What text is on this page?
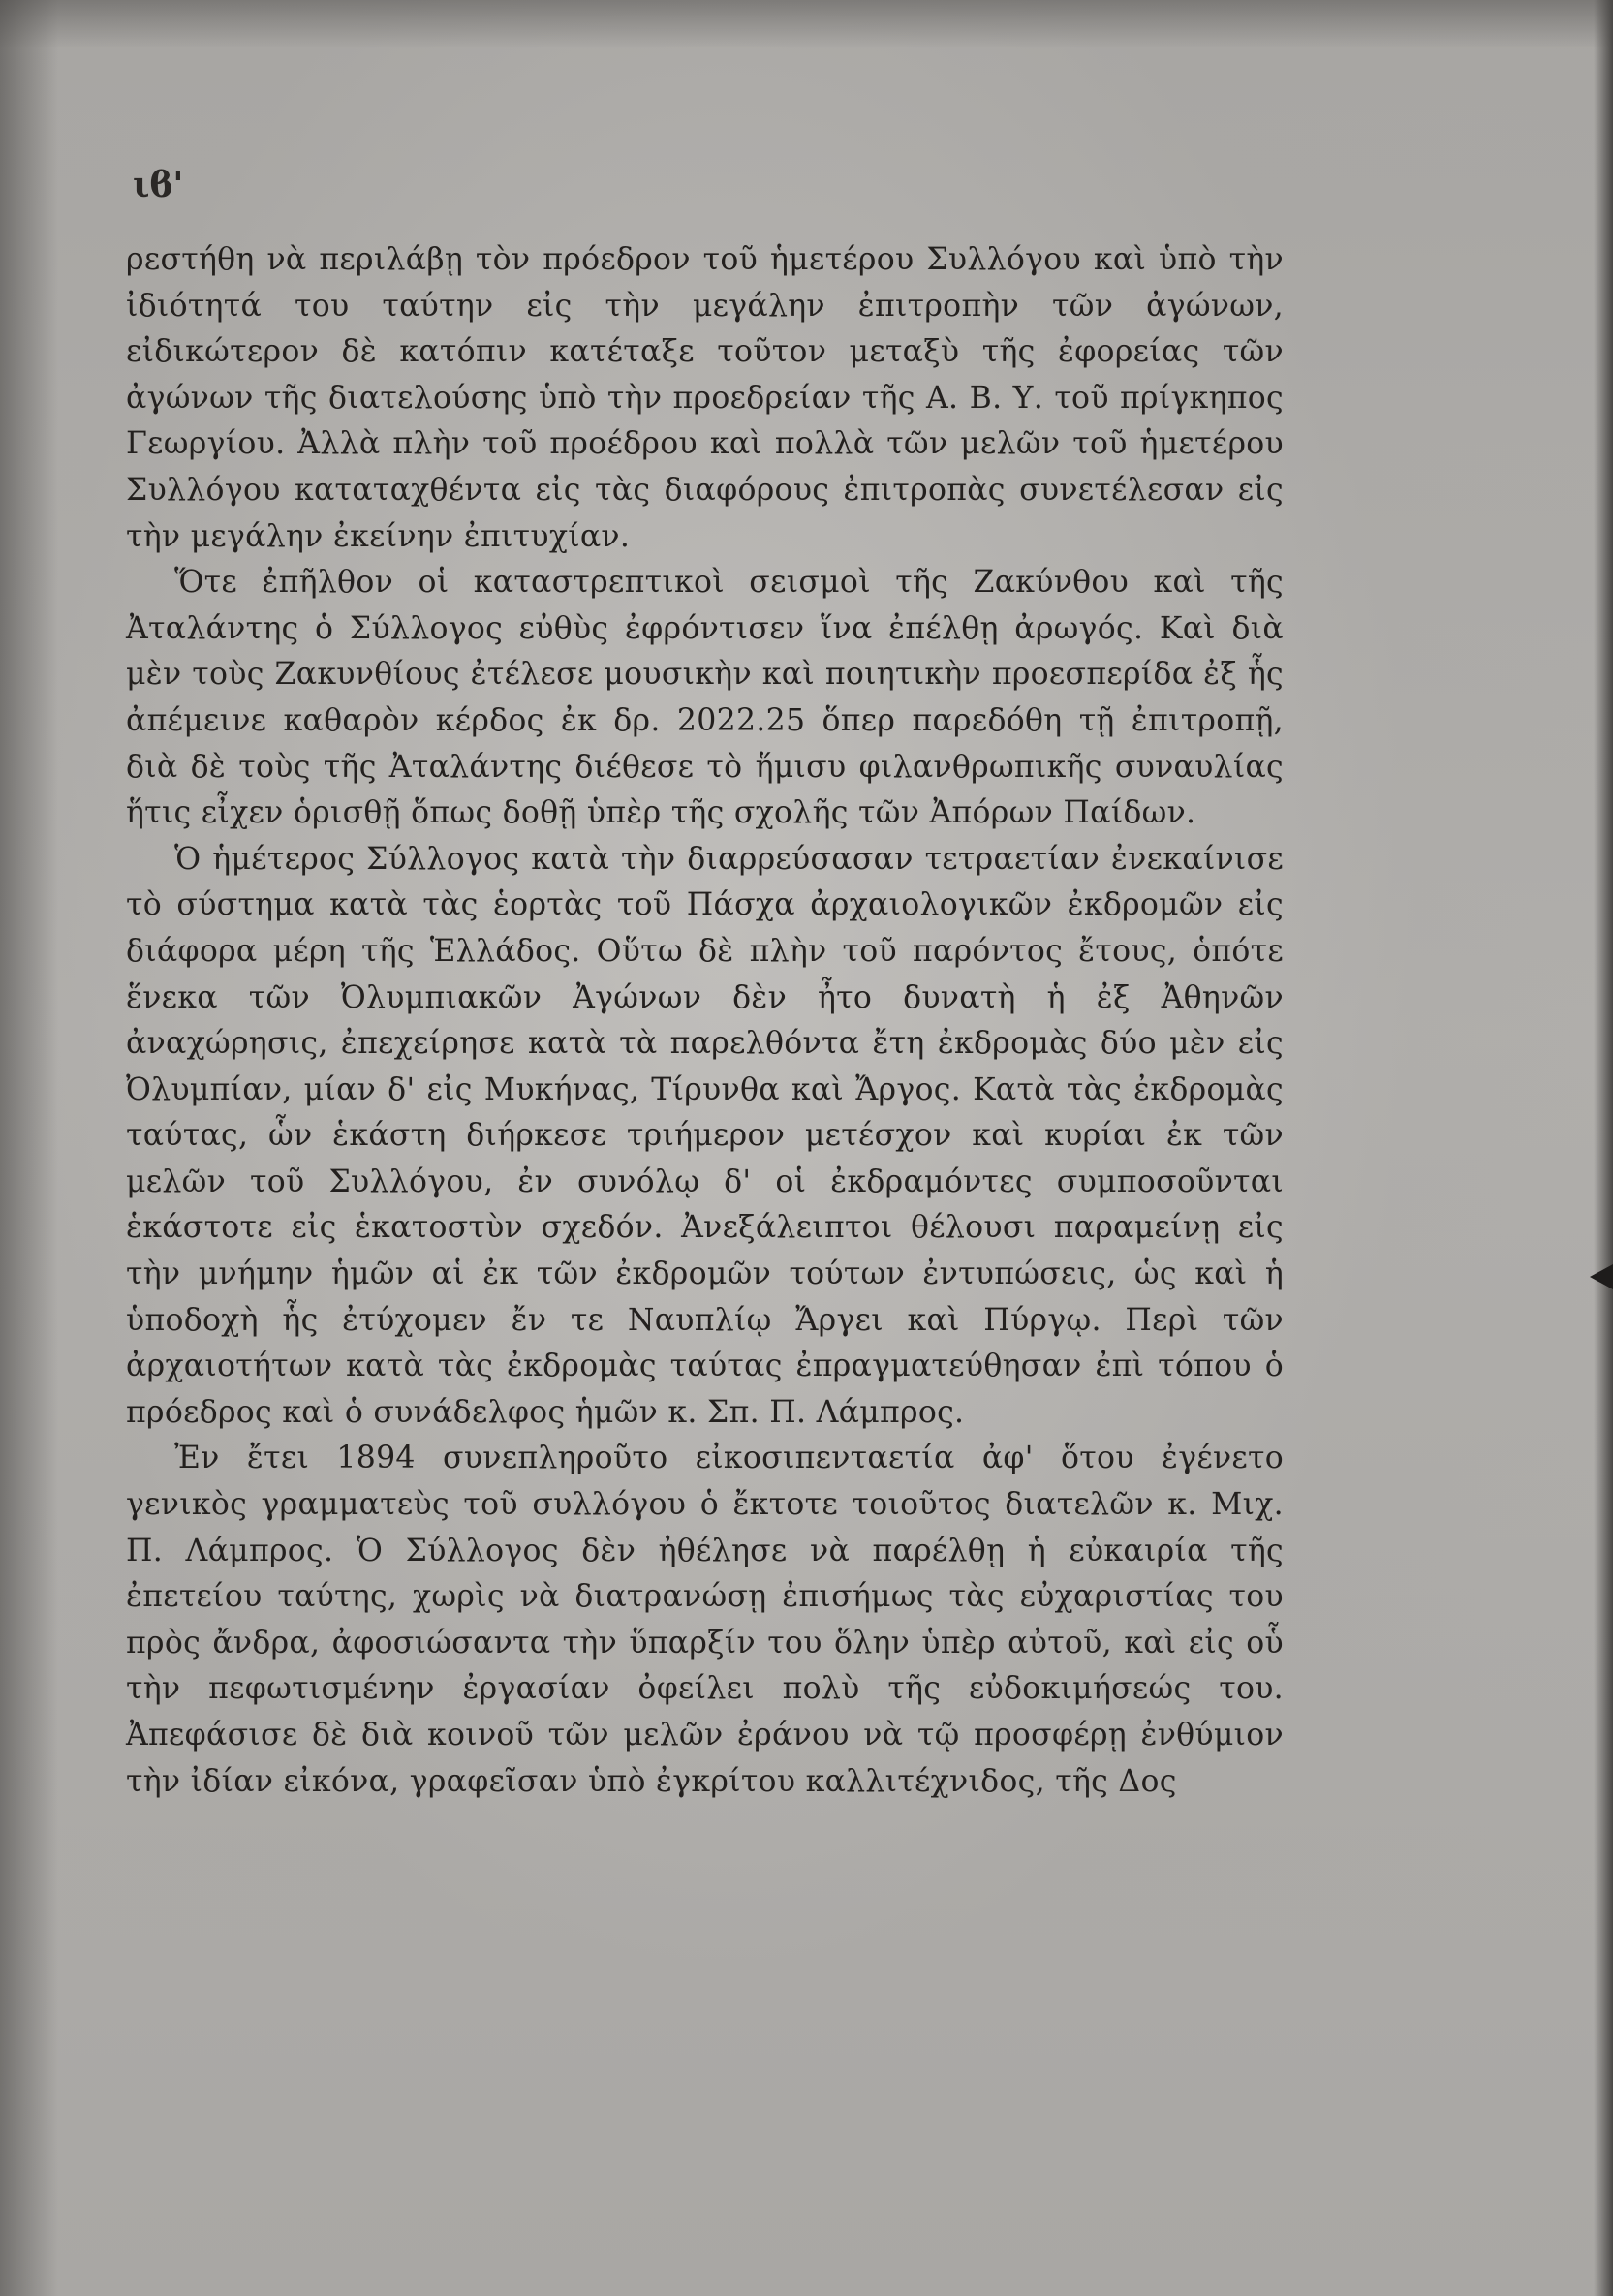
ιϐ'

ρεστήθη νὰ περιλάβῃ τὸν πρόεδρον τοῦ ἡμετέρου Συλλόγου καὶ ὑπὸ τὴν ἰδιότητά του ταύτην εἰς τὴν μεγάλην ἐπιτροπὴν τῶν ἀγώνων, εἰδικώτερον δὲ κατόπιν κατέταξε τοῦτον μεταξὺ τῆς ἐφορείας τῶν ἀγώνων τῆς διατελούσης ὑπὸ τὴν προεδρείαν τῆς Α. Β. Υ. τοῦ πρίγκηπος Γεωργίου. Ἀλλὰ πλὴν τοῦ προέδρου καὶ πολλὰ τῶν μελῶν τοῦ ἡμετέρου Συλλόγου καταταχθέντα εἰς τὰς διαφόρους ἐπιτροπὰς συνετέλεσαν εἰς τὴν μεγάλην ἐκείνην ἐπιτυχίαν.

Ὅτε ἐπῆλθον οἱ καταστρεπτικοὶ σεισμοὶ τῆς Ζακύνθου καὶ τῆς Ἀταλάντης ὁ Σύλλογος εὐθὺς ἐφρόντισεν ἵνα ἐπέλθῃ ἀρωγός. Καὶ διὰ μὲν τοὺς Ζακυνθίους ἐτέλεσε μουσικὴν καὶ ποιητικὴν προεσπερίδα ἐξ ἧς ἀπέμεινε καθαρὸν κέρδος ἐκ δρ. 2022.25 ὅπερ παρεδόθη τῇ ἐπιτροπῇ, διὰ δὲ τοὺς τῆς Ἀταλάντης διέθεσε τὸ ἥμισυ φιλανθρωπικῆς συναυλίας ἥτις εἶχεν ὁρισθῇ ὅπως δοθῇ ὑπὲρ τῆς σχολῆς τῶν Ἀπόρων Παίδων.

Ὁ ἡμέτερος Σύλλογος κατὰ τὴν διαρρεύσασαν τετραετίαν ἐνεκαίνισε τὸ σύστημα κατὰ τὰς ἑορτὰς τοῦ Πάσχα ἀρχαιολογικῶν ἐκδρομῶν εἰς διάφορα μέρη τῆς Ἑλλάδος. Οὕτω δὲ πλὴν τοῦ παρόντος ἔτους, ὁπότε ἕνεκα τῶν Ὀλυμπιακῶν Ἀγώνων δὲν ἦτο δυνατὴ ἡ ἐξ Ἀθηνῶν ἀναχώρησις, ἐπεχείρησε κατὰ τὰ παρελθόντα ἔτη ἐκδρομὰς δύο μὲν εἰς Ὀλυμπίαν, μίαν δ' εἰς Μυκήνας, Τίρυνθα καὶ Ἄργος. Κατὰ τὰς ἐκδρομὰς ταύτας, ὧν ἑκάστη διήρκεσε τριήμερον μετέσχον καὶ κυρίαι ἐκ τῶν μελῶν τοῦ Συλλόγου, ἐν συνόλῳ δ' οἱ ἐκδραμόντες συμποσοῦνται ἑκάστοτε εἰς ἑκατοστὺν σχεδόν. Ἀνεξάλειπτοι θέλουσι παραμείνῃ εἰς τὴν μνήμην ἡμῶν αἱ ἐκ τῶν ἐκδρομῶν τούτων ἐντυπώσεις, ὡς καὶ ἡ ὑποδοχὴ ἧς ἐτύχομεν ἔν τε Ναυπλίῳ Ἄργει καὶ Πύργῳ. Περὶ τῶν ἀρχαιοτήτων κατὰ τὰς ἐκδρομὰς ταύτας ἐπραγματεύθησαν ἐπὶ τόπου ὁ πρόεδρος καὶ ὁ συνάδελφος ἡμῶν κ. Σπ. Π. Λάμπρος.

Ἐν ἔτει 1894 συνεπληροῦτο εἰκοσιπενταετία ἀφ' ὅτου ἐγένετο γενικὸς γραμματεὺς τοῦ συλλόγου ὁ ἔκτοτε τοιοῦτος διατελῶν κ. Μιχ. Π. Λάμπρος. Ὁ Σύλλογος δὲν ἠθέλησε νὰ παρέλθῃ ἡ εὐκαιρία τῆς ἐπετείου ταύτης, χωρὶς νὰ διατρανώσῃ ἐπισήμως τὰς εὐχαριστίας του πρὸς ἄνδρα, ἀφοσιώσαντα τὴν ὕπαρξίν του ὅλην ὑπὲρ αὐτοῦ, καὶ εἰς οὗ τὴν πεφωτισμένην ἐργασίαν ὀφείλει πολὺ τῆς εὐδοκιμήσεώς του. Ἀπεφάσισε δὲ διὰ κοινοῦ τῶν μελῶν ἐράνου νὰ τῷ προσφέρῃ ἐνθύμιον τὴν ἰδίαν εἰκόνα, γραφεῖσαν ὑπὸ ἐγκρίτου καλλιτέχνιδος, τῆς Δος
